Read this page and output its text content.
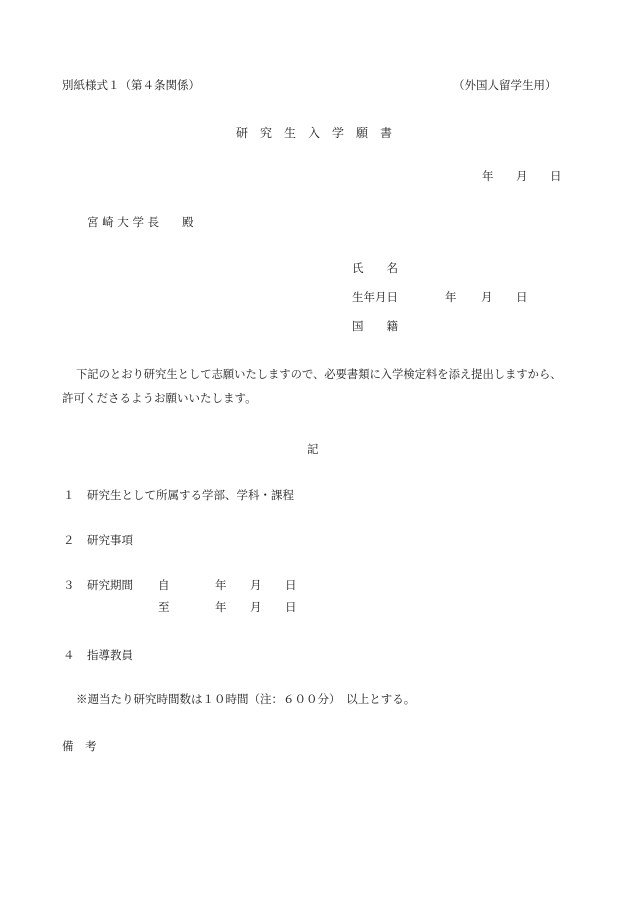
別紙様式１（第４条関係）	（外国人留学生用）
研　究　生　入　学　願　書
年 月 日
宮 崎 大 学 長　　殿
氏　　名
生年月日	年 月 日
国　　籍
下記のとおり研究生として志願いたしますので、必要書類に入学検定料を添え提出しますから、
許可くださるようお願いいたします。
記
１ 研究生として所属する学部、学科・課程
２ 研究事項
３ 研究期間 自	年 月 日
至	年 月 日
４ 指導教員
※週当たり研究時間数は１０時間（注：６００分）　以上とする。
備　考
